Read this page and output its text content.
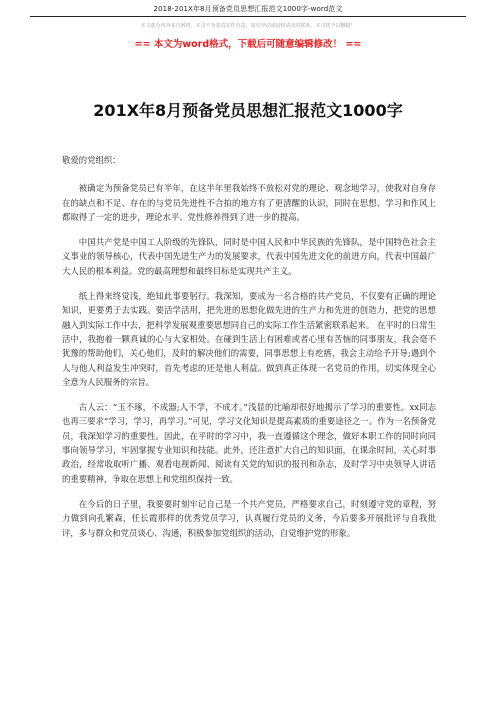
2018-201X年8月预备党员思想汇报范文1000字-word范文
本文部分内容来自网络，本司不为其真实性负责，如有异议或侵权请及时联系，本司将予以删除！
== 本文为word格式，下载后可随意编辑修改！ ==
201X年8月预备党员思想汇报范文1000字

敬爱的党组织：

被确定为预备党员已有半年，在这半年里我始终不放松对党的理论、观念地学习，使我对自身存在的缺点和不足、存在的与党员先进性不合拍的地方有了更清醒的认识，同时在思想、学习和作风上都取得了一定的进步，理论水平、党性修养得到了进一步的提高。

中国共产党是中国工人阶级的先锋队，同时是中国人民和中华民族的先锋队，是中国特色社会主义事业的领导核心，代表中国先进生产力的发展要求，代表中国先进文化的前进方向，代表中国最广大人民的根本利益。党的最高理想和最终目标是实现共产主义。

纸上得来终觉浅，绝知此事要躬行。我深知，要成为一名合格的共产党员，不仅要有正确的理论知识，更要勇于去实践。要活学活用，把先进的思想化做先进的生产力和先进的创造力，把党的思想融入到实际工作中去，把科学发展观重要思想同自己的实际工作生活紧密联系起来。 在平时的日常生活中，我抱着一颗真诚的心与大家相处。在碰到生活上有困难或者心里有苦恼的同事朋友，我会毫不犹豫的帮助他们，关心他们，及时的解决他们的需要，同事思想上有疙瘩，我会主动给予开导;遇到个人与他人利益发生冲突时，首先考虑的还是他人利益。做到真正体现一名党员的作用，切实体现全心全意为人民服务的宗旨。

古人云：“玉不琢，不成器;人不学，不成才。”浅显的比喻却很好地揭示了学习的重要性。xx同志也再三要求“学习，学习，再学习。”可见，学习文化知识是提高素质的重要途径之一。作为一名预备党员，我深知学习的重要性。因此，在平时的学习中，我一直遵循这个理念，做好本职工作的同时向同事向领导学习，牢固掌握专业知识和技能。此外，还注意扩大自己的知识面，在课余时间，关心时事政治，经常收取听广播、观看电视新闻、阅读有关党的知识的报刊和杂志，及时学习中央领导人讲话的重要精神，争取在思想上和党组织保持一致。

在今后的日子里，我要要时刻牢记自己是一个共产党员，严格要求自己，时刻遵守党的章程，努力做到向孔繁森，任长霞那样的优秀党员学习，认真履行党员的义务，今后要多开展批评与自我批评，多与群众和党员谈心、沟通，积极参加党组织的活动，自觉维护党的形象。
